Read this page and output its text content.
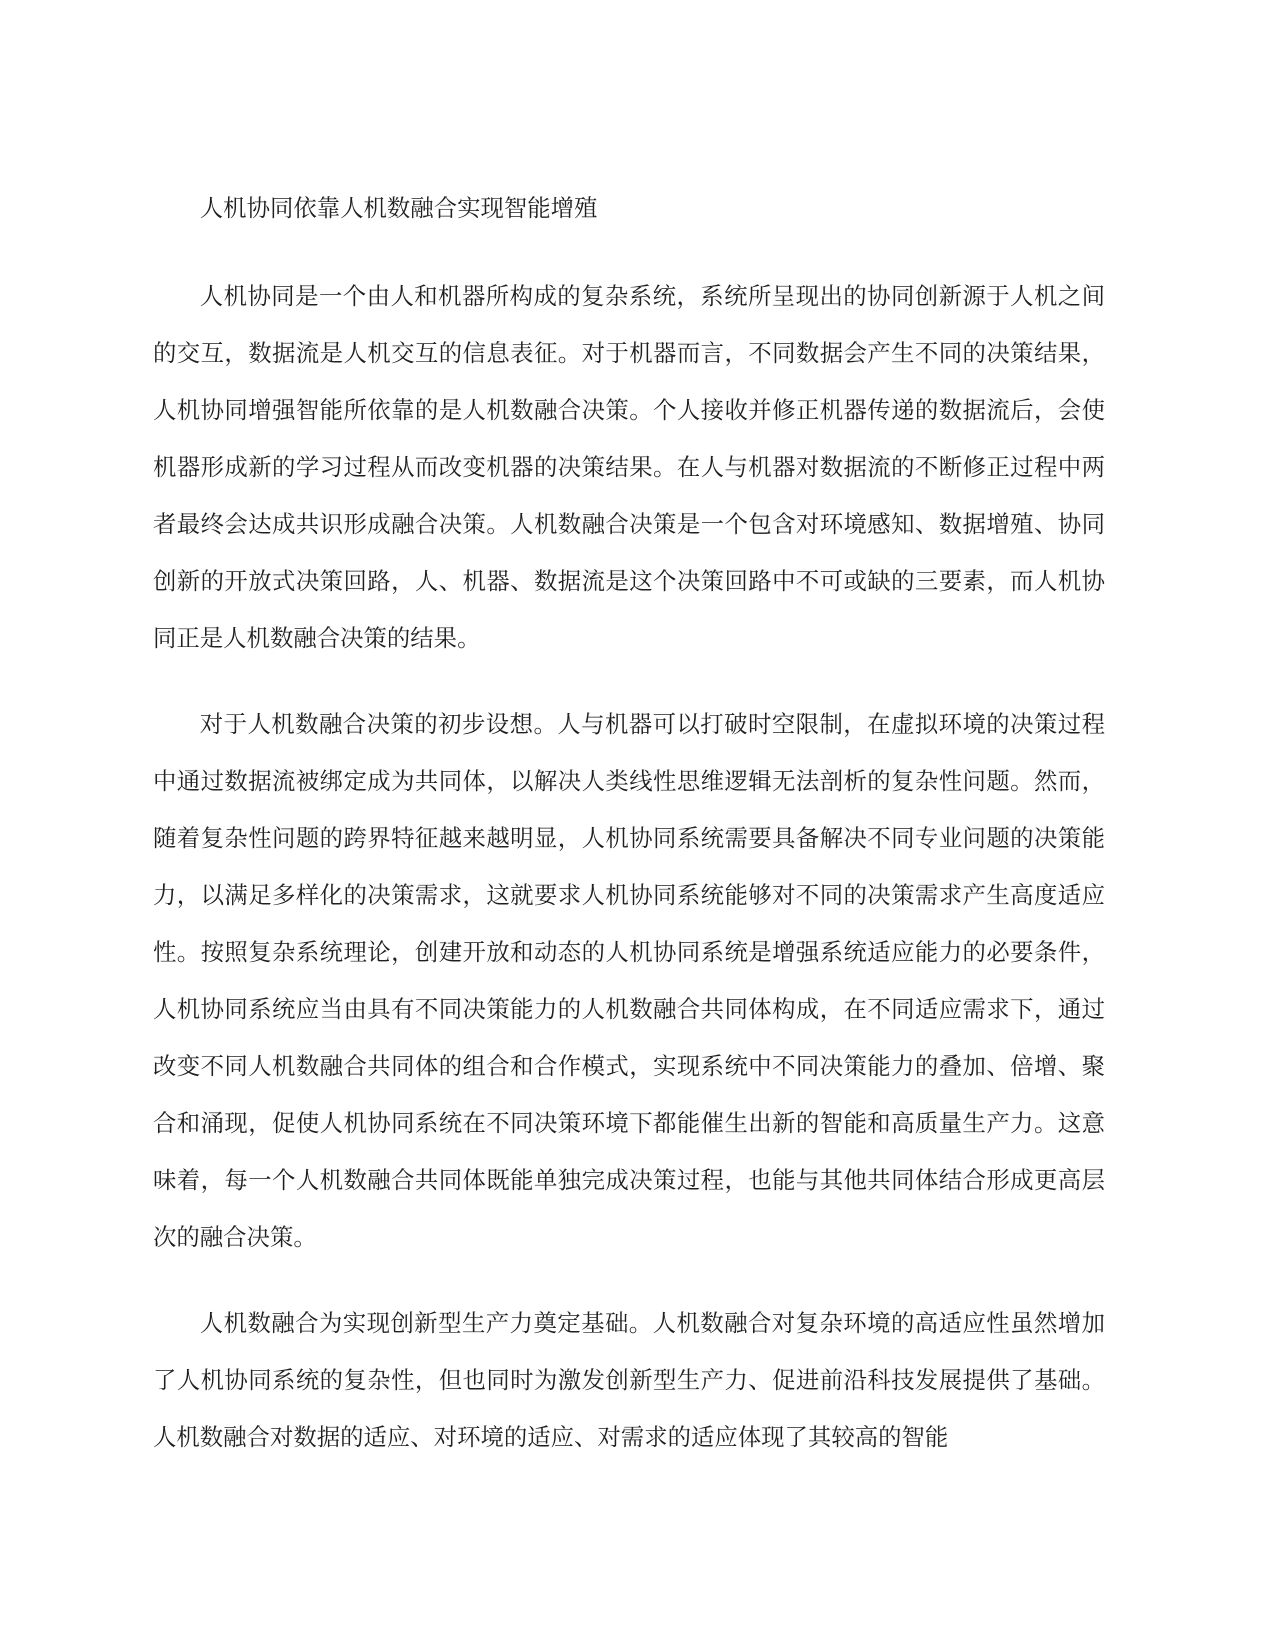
人机协同依靠人机数融合实现智能增殖

人机协同是一个由人和机器所构成的复杂系统，系统所呈现出的协同创新源于人机之间的交互，数据流是人机交互的信息表征。对于机器而言，不同数据会产生不同的决策结果，人机协同增强智能所依靠的是人机数融合决策。个人接收并修正机器传递的数据流后，会使机器形成新的学习过程从而改变机器的决策结果。在人与机器对数据流的不断修正过程中两者最终会达成共识形成融合决策。人机数融合决策是一个包含对环境感知、数据增殖、协同创新的开放式决策回路，人、机器、数据流是这个决策回路中不可或缺的三要素，而人机协同正是人机数融合决策的结果。

对于人机数融合决策的初步设想。人与机器可以打破时空限制，在虚拟环境的决策过程中通过数据流被绑定成为共同体，以解决人类线性思维逻辑无法剖析的复杂性问题。然而，随着复杂性问题的跨界特征越来越明显，人机协同系统需要具备解决不同专业问题的决策能力，以满足多样化的决策需求，这就要求人机协同系统能够对不同的决策需求产生高度适应性。按照复杂系统理论，创建开放和动态的人机协同系统是增强系统适应能力的必要条件，人机协同系统应当由具有不同决策能力的人机数融合共同体构成，在不同适应需求下，通过改变不同人机数融合共同体的组合和合作模式，实现系统中不同决策能力的叠加、倍增、聚合和涌现，促使人机协同系统在不同决策环境下都能催生出新的智能和高质量生产力。这意味着，每一个人机数融合共同体既能单独完成决策过程，也能与其他共同体结合形成更高层次的融合决策。

人机数融合为实现创新型生产力奠定基础。人机数融合对复杂环境的高适应性虽然增加了人机协同系统的复杂性，但也同时为激发创新型生产力、促进前沿科技发展提供了基础。人机数融合对数据的适应、对环境的适应、对需求的适应体现了其较高的智能
